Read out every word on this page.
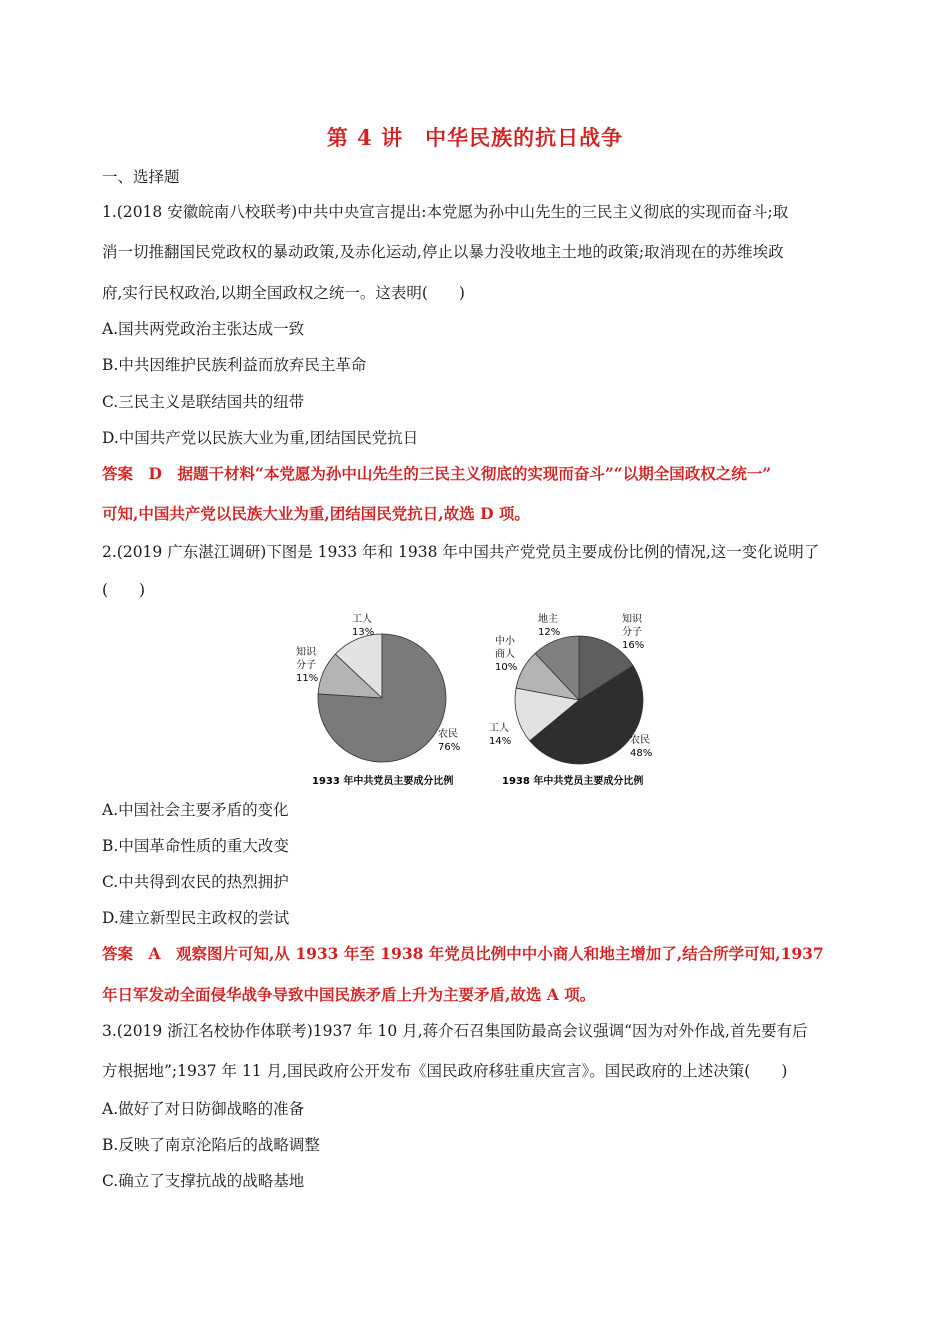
第 4 讲　中华民族的抗日战争
一、选择题
1.(2018 安徽皖南八校联考)中共中央宣言提出:本党愿为孙中山先生的三民主义彻底的实现而奋斗;取
消一切推翻国民党政权的暴动政策,及赤化运动,停止以暴力没收地主土地的政策;取消现在的苏维埃政
府,实行民权政治,以期全国政权之统一。这表明(　　)
A.国共两党政治主张达成一致
B.中共因维护民族利益而放弃民主革命
C.三民主义是联结国共的纽带
D.中国共产党以民族大业为重,团结国民党抗日
答案　D　据题干材料“本党愿为孙中山先生的三民主义彻底的实现而奋斗”“以期全国政权之统一”
可知,中国共产党以民族大业为重,团结国民党抗日,故选 D 项。
2.(2019 广东湛江调研)下图是 1933 年和 1938 年中国共产党党员主要成份比例的情况,这一变化说明了
(　　)
工人
13%
知识
分子
11%
农民
76%
1933 年中共党员主要成分比例
地主
12%
知识
分子
16%
中小
商人
10%
工人
14%	农民
48%
1938 年中共党员主要成分比例
A.中国社会主要矛盾的变化
B.中国革命性质的重大改变
C.中共得到农民的热烈拥护
D.建立新型民主政权的尝试
答案　A　观察图片可知,从 1933 年至 1938 年党员比例中中小商人和地主增加了,结合所学可知,1937
年日军发动全面侵华战争导致中国民族矛盾上升为主要矛盾,故选 A 项。
3.(2019 浙江名校协作体联考)1937 年 10 月,蒋介石召集国防最高会议强调“因为对外作战,首先要有后
方根据地”;1937 年 11 月,国民政府公开发布《国民政府移驻重庆宣言》。国民政府的上述决策(　　)
A.做好了对日防御战略的准备
B.反映了南京沦陷后的战略调整
C.确立了支撑抗战的战略基地
